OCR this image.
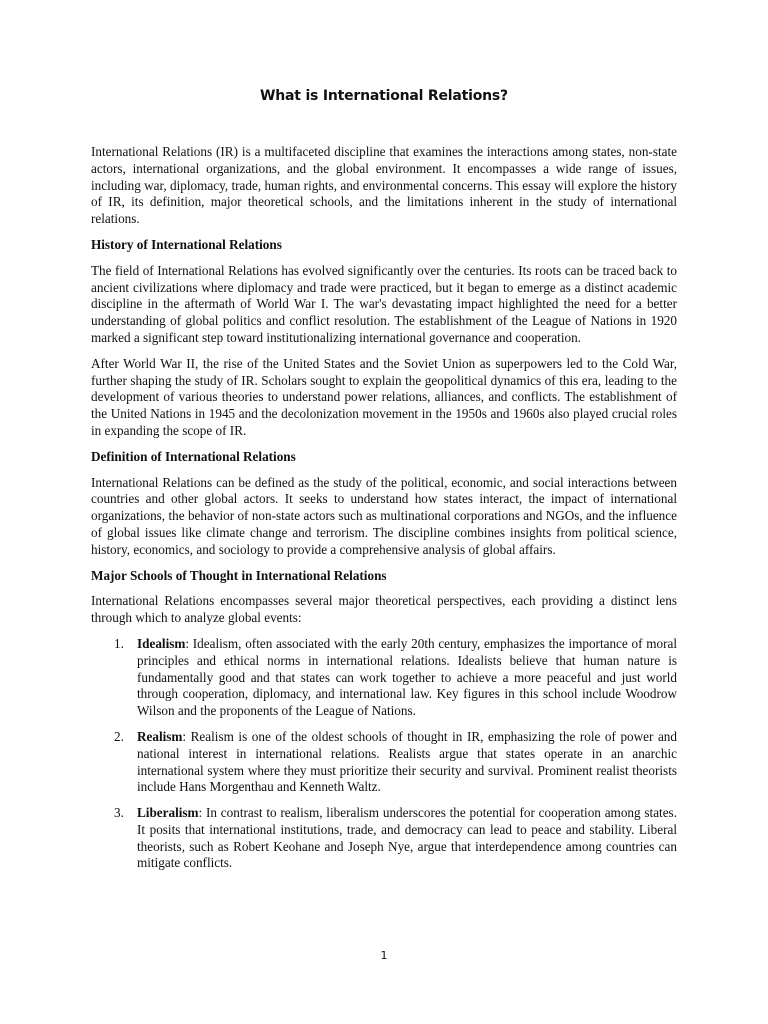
What is International Relations?

International Relations (IR) is a multifaceted discipline that examines the interactions among states, non-state actors, international organizations, and the global environment. It encompasses a wide range of issues, including war, diplomacy, trade, human rights, and environmental concerns. This essay will explore the history of IR, its definition, major theoretical schools, and the limitations inherent in the study of international relations.

History of International Relations

The field of International Relations has evolved significantly over the centuries. Its roots can be traced back to ancient civilizations where diplomacy and trade were practiced, but it began to emerge as a distinct academic discipline in the aftermath of World War I. The war's devastating impact highlighted the need for a better understanding of global politics and conflict resolution. The establishment of the League of Nations in 1920 marked a significant step toward institutionalizing international governance and cooperation.

After World War II, the rise of the United States and the Soviet Union as superpowers led to the Cold War, further shaping the study of IR. Scholars sought to explain the geopolitical dynamics of this era, leading to the development of various theories to understand power relations, alliances, and conflicts. The establishment of the United Nations in 1945 and the decolonization movement in the 1950s and 1960s also played crucial roles in expanding the scope of IR.

Definition of International Relations

International Relations can be defined as the study of the political, economic, and social interactions between countries and other global actors. It seeks to understand how states interact, the impact of international organizations, the behavior of non-state actors such as multinational corporations and NGOs, and the influence of global issues like climate change and terrorism. The discipline combines insights from political science, history, economics, and sociology to provide a comprehensive analysis of global affairs.

Major Schools of Thought in International Relations

International Relations encompasses several major theoretical perspectives, each providing a distinct lens through which to analyze global events:

1. Idealism: Idealism, often associated with the early 20th century, emphasizes the importance of moral principles and ethical norms in international relations. Idealists believe that human nature is fundamentally good and that states can work together to achieve a more peaceful and just world through cooperation, diplomacy, and international law. Key figures in this school include Woodrow Wilson and the proponents of the League of Nations.
2. Realism: Realism is one of the oldest schools of thought in IR, emphasizing the role of power and national interest in international relations. Realists argue that states operate in an anarchic international system where they must prioritize their security and survival. Prominent realist theorists include Hans Morgenthau and Kenneth Waltz.
3. Liberalism: In contrast to realism, liberalism underscores the potential for cooperation among states. It posits that international institutions, trade, and democracy can lead to peace and stability. Liberal theorists, such as Robert Keohane and Joseph Nye, argue that interdependence among countries can mitigate conflicts.
1
